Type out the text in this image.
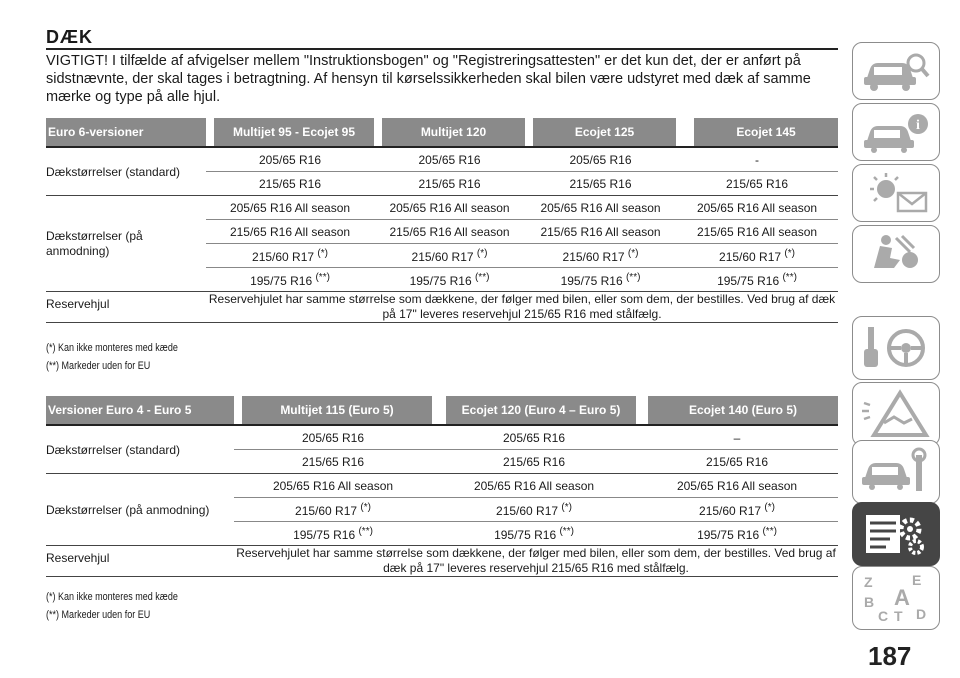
DÆK
VIGTIGT! I tilfælde af afvigelser mellem "Instruktionsbogen" og "Registreringsattesten" er det kun det, der er anført på sidstnævnte, der skal tages i betragtning. Af hensyn til kørselssikkerheden skal bilen være udstyret med dæk af samme mærke og type på alle hjul.
Euro 6-versioner		Multijet 95 - Ecojet 95		Multijet 120		Ecojet 125		Ecojet 145

Dækstørrelser (standard)	205/65 R16		205/65 R16		205/65 R16		-	
	215/65 R16		215/65 R16		215/65 R16		215/65 R16	
Dækstørrelser (på anmodning)	205/65 R16 All season		205/65 R16 All season		205/65 R16 All season		205/65 R16 All season	
	215/65 R16 All season		215/65 R16 All season		215/65 R16 All season		215/65 R16 All season	
	215/60 R17 (*)		215/60 R17 (*)		215/60 R17 (*)		215/60 R17 (*)
	195/75 R16 (**)		195/75 R16 (**)		195/75 R16 (**)		195/75 R16 (**)
Reservehjul	Reservehjulet har samme størrelse som dækkene, der følger med bilen, eller som dem, der bestilles. Ved brug af dæk på 17" leveres reservehjul 215/65 R16 med stålfælg.							
(*) Kan ikke monteres med kæde
(**) Markeder uden for EU
Versioner Euro 4 - Euro 5		Multijet 115 (Euro 5)		Ecojet 120 (Euro 4 – Euro 5)		Ecojet 140 (Euro 5)

Dækstørrelser (standard)	205/65 R16		205/65 R16		–	
	215/65 R16		215/65 R16		215/65 R16	
Dækstørrelser (på anmodning)	205/65 R16 All season		205/65 R16 All season		205/65 R16 All season	
	215/60 R17 (*)		215/60 R17 (*)		215/60 R17 (*)
	195/75 R16 (**)		195/75 R16 (**)		195/75 R16 (**)
Reservehjul	Reservehjulet har samme størrelse som dækkene, der følger med bilen, eller som dem, der bestilles. Ved brug af dæk på 17" leveres reservehjul 215/65 R16 med stålfælg.					
(*) Kan ikke monteres med kæde
(**) Markeder uden for EU
i
Z	E
A
B
C T D
187
